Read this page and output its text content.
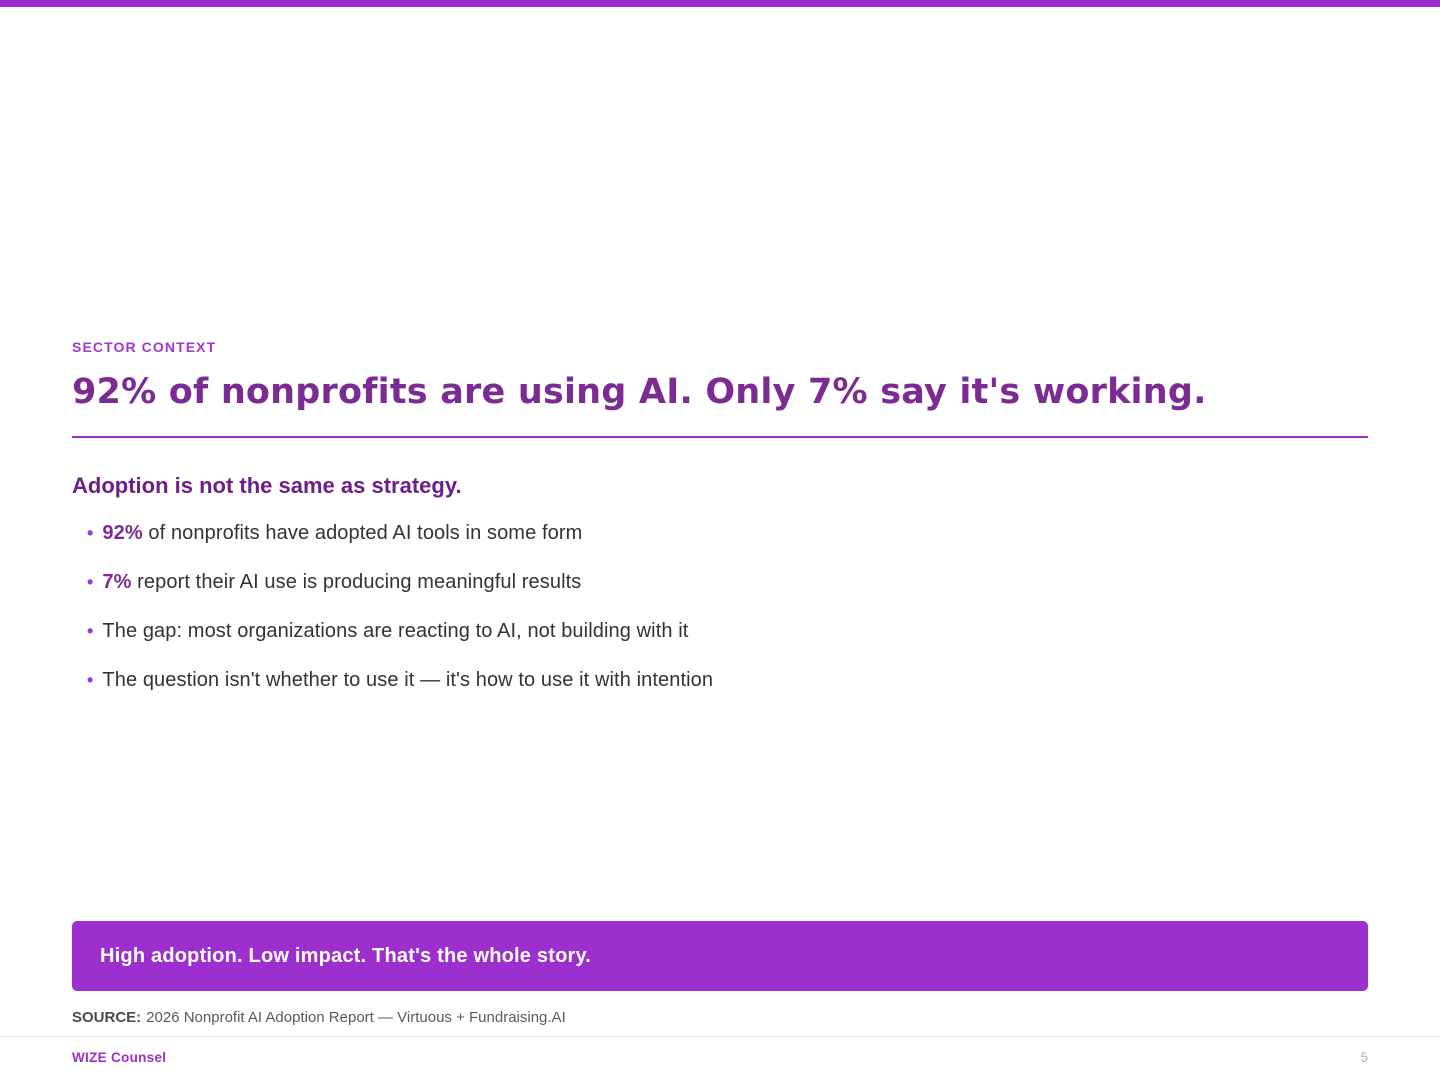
SECTOR CONTEXT
92% of nonprofits are using AI. Only 7% say it's working.
Adoption is not the same as strategy.
• 92% of nonprofits have adopted AI tools in some form
• 7% report their AI use is producing meaningful results
• The gap: most organizations are reacting to AI, not building with it
• The question isn't whether to use it — it's how to use it with intention
High adoption. Low impact. That's the whole story.
SOURCE: 2026 Nonprofit AI Adoption Report — Virtuous + Fundraising.AI
WIZE Counsel	5
